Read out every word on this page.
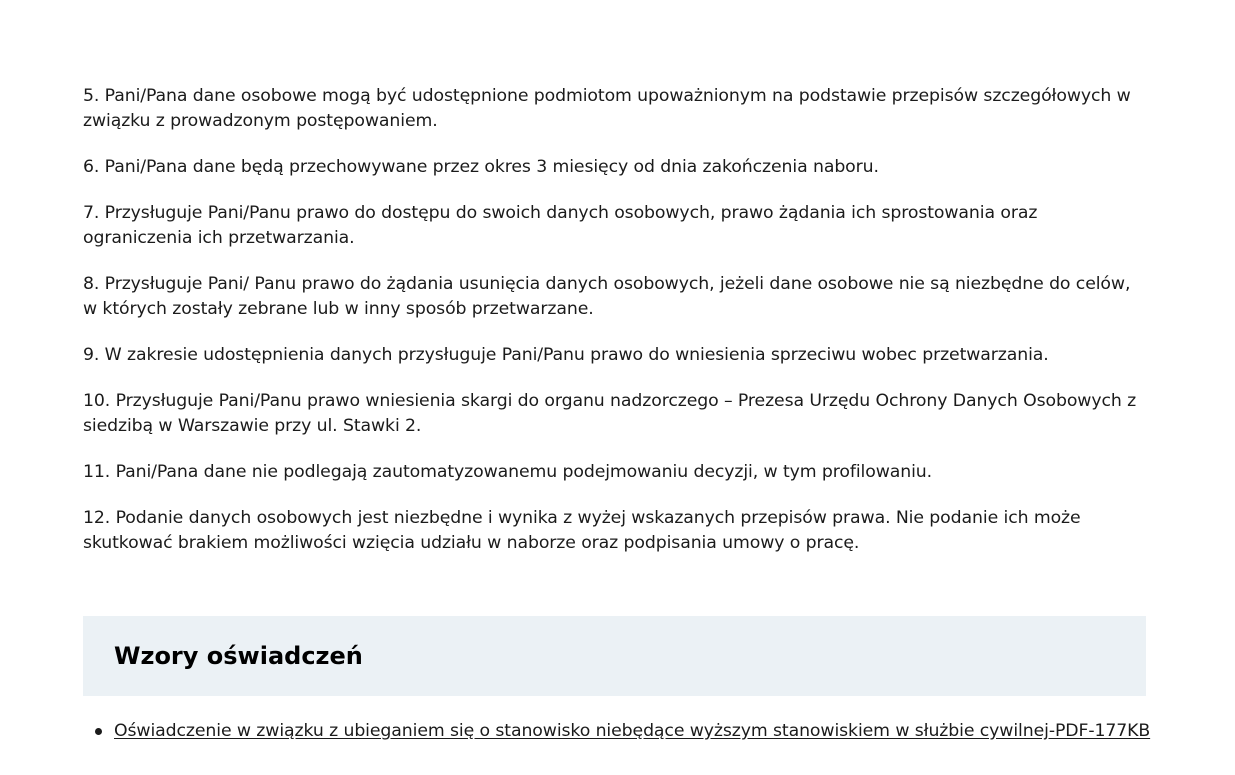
5. Pani/Pana dane osobowe mogą być udostępnione podmiotom upoważnionym na podstawie przepisów szczegółowych w związku z prowadzonym postępowaniem.

6. Pani/Pana dane będą przechowywane przez okres 3 miesięcy od dnia zakończenia naboru.

7. Przysługuje Pani/Panu prawo do dostępu do swoich danych osobowych, prawo żądania ich sprostowania oraz ograniczenia ich przetwarzania.

8. Przysługuje Pani/ Panu prawo do żądania usunięcia danych osobowych, jeżeli dane osobowe nie są niezbędne do celów, w których zostały zebrane lub w inny sposób przetwarzane.

9. W zakresie udostępnienia danych przysługuje Pani/Panu prawo do wniesienia sprzeciwu wobec przetwarzania.

10. Przysługuje Pani/Panu prawo wniesienia skargi do organu nadzorczego – Prezesa Urzędu Ochrony Danych Osobowych z siedzibą w Warszawie przy ul. Stawki 2.

11. Pani/Pana dane nie podlegają zautomatyzowanemu podejmowaniu decyzji, w tym profilowaniu.

12. Podanie danych osobowych jest niezbędne i wynika z wyżej wskazanych przepisów prawa. Nie podanie ich może skutkować brakiem możliwości wzięcia udziału w naborze oraz podpisania umowy o pracę.

Wzory oświadczeń
Oświadczenie w związku z ubieganiem się o stanowisko niebędące wyższym stanowiskiem w służbie cywilnej-PDF-177KB
